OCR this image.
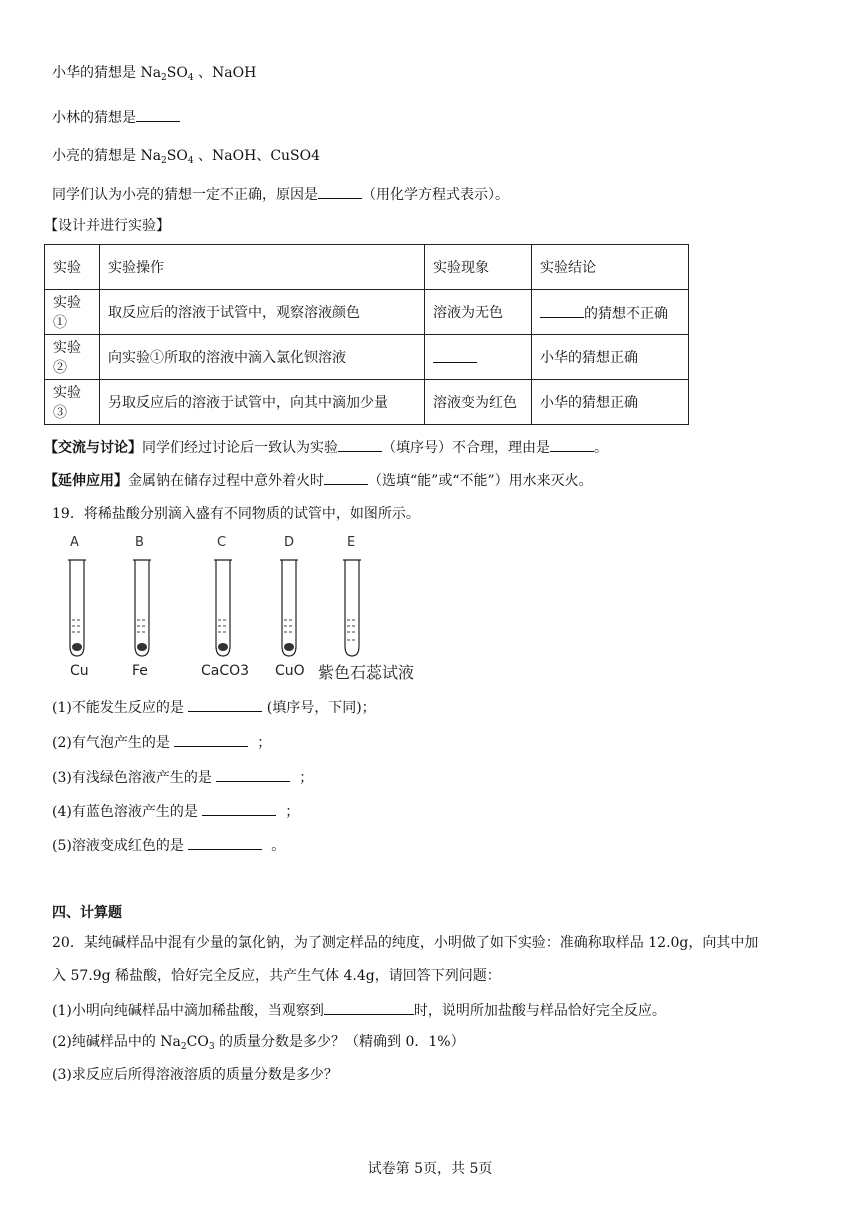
小华的猜想是 $Na_2SO_4$ 、NaOH
小林的猜想是
小亮的猜想是 $Na_2SO_4$ 、NaOH、CuSO4
同学们认为小亮的猜想一定不正确，原因是	（用化学方程式表示）。
【设计并进行实验】
实验	实验操作	实验现象	实验结论
实验①	取反应后的溶液于试管中，观察溶液颜色	溶液为无色	的猜想不正确
实验②	向实验①所取的溶液中滴入氯化钡溶液		小华的猜想正确
实验③	另取反应后的溶液于试管中，向其中滴加少量	溶液变为红色	小华的猜想正确
【交流与讨论】同学们经过讨论后一致认为实验	（填序号）不合理，理由是	。
【延伸应用】金属钠在储存过程中意外着火时	（选填“能”或“不能”）用水来灭火。
19．将稀盐酸分别滴入盛有不同物质的试管中，如图所示。
A	B	C	D	E
Cu	Fe	CaCO3 CuO 紫色石蕊试液
(1)不能发生反应的是	(填序号，下同)；
(2)有气泡产生的是	；
(3)有浅绿色溶液产生的是	；
(4)有蓝色溶液产生的是	；
(5)溶液变成红色的是	。
四、计算题
20．某纯碱样品中混有少量的氯化钠，为了测定样品的纯度，小明做了如下实验：准确称取样品 12.0g，向其中加
入 57.9g 稀盐酸，恰好完全反应，共产生气体 4.4g，请回答下列问题：
(1)小明向纯碱样品中滴加稀盐酸，当观察到	时，说明所加盐酸与样品恰好完全反应。
(2)纯碱样品中的 $Na_2CO_3$ 的质量分数是多少？（精确到 0．1%）
(3)求反应后所得溶液溶质的质量分数是多少？
试卷第 5页，共 5页
